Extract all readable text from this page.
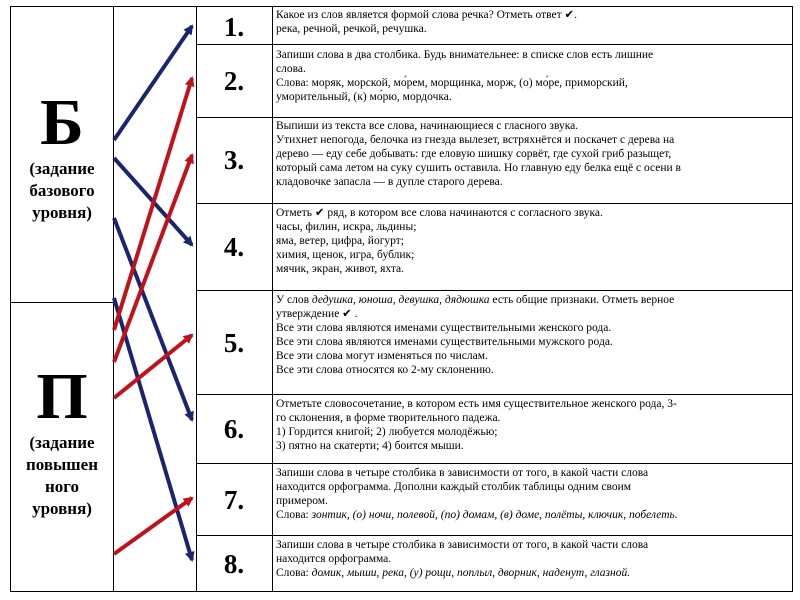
Б
(задание
базового
уровня)
П
(задание
повышен
ного
уровня)
1.
2.
3.
4.
5.
6.
7.
8.
Какое из слов является формой слова речка? Отметь ответ ✔.
река, речной, речкой, речушка.
Запиши слова в два столбика. Будь внимательнее: в списке слов есть лишние
слова.
Слова: моряк, морской, мо́рем, морщинка, морж, (о) мо́ре, приморский,
уморительный, (к) мо́рю, мордочка.
Выпиши из текста все слова, начинающиеся с гласного звука.
Утихнет непогода, белочка из гнезда вылезет, встряхнётся и поскачет с дерева на
дерево — еду себе добывать: где еловую шишку сорвёт, где сухой гриб разыщет,
который сама летом на суку сушить оставила. Но главную еду белка ещё с осени в
кладовочке запасла — в дупле старого дерева.
Отметь ✔ ряд, в котором все слова начинаются с согласного звука.
часы, филин, искра, льдины;
яма, ветер, цифра, йогурт;
химия, щенок, игра, бублик;
мячик, экран, живот, яхта.
У слов дедушка, юноша, девушка, дядюшка есть общие признаки. Отметь верное
утверждение ✔ .
Все эти слова являются именами существительными женского рода.
Все эти слова являются именами существительными мужского рода.
Все эти слова могут изменяться по числам.
Все эти слова относятся ко 2-му склонению.
Отметьте словосочетание, в котором есть имя существительное женского рода, 3-
го склонения, в форме творительного падежа.
1) Гордится книгой; 2) любуется молодёжью;
3) пятно на скатерти; 4) боится мыши.
Запиши слова в четыре столбика в зависимости от того, в какой части слова
находится орфограмма. Дополни каждый столбик таблицы одним своим
примером.
Слова: зонтик, (о) ночи, полевой, (по) домам, (в) доме, полёты, ключик, побелеть.
Запиши слова в четыре столбика в зависимости от того, в какой части слова
находится орфограмма.
Слова: домик, мыши, река, (у) рощи, поплыл, дворник, наденут, глазной.
